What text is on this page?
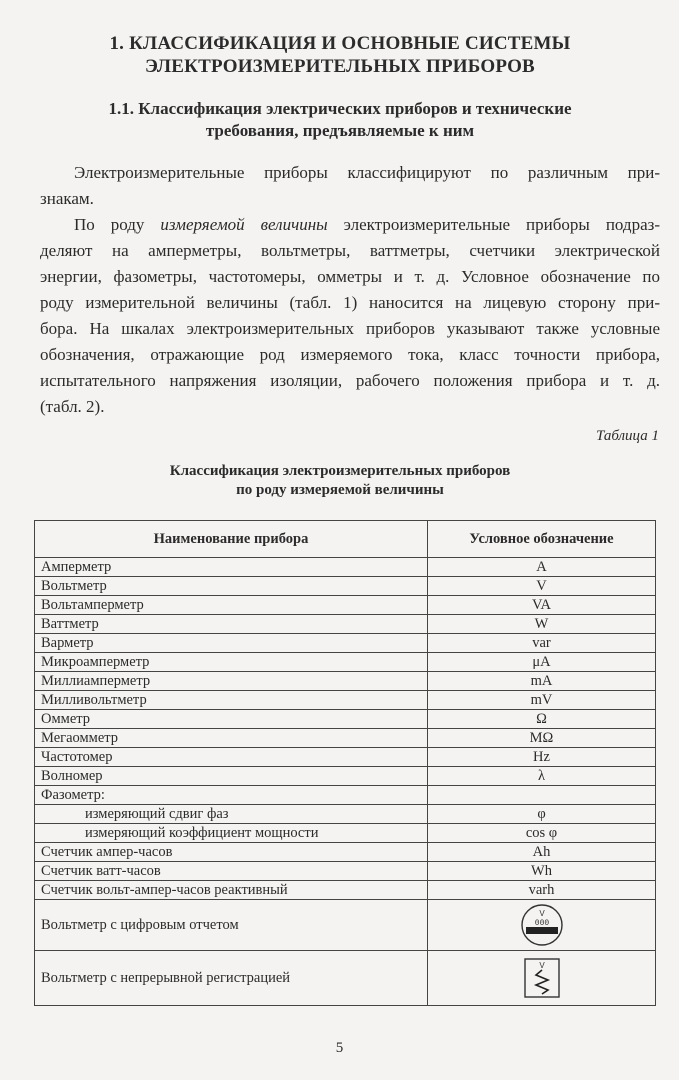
1. КЛАССИФИКАЦИЯ И ОСНОВНЫЕ СИСТЕМЫ
ЭЛЕКТРОИЗМЕРИТЕЛЬНЫХ ПРИБОРОВ
1.1. Классификация электрических приборов и технические
требования, предъявляемые к ним
Электроизмерительные приборы классифицируют по различным при-
знакам.
По роду измеряемой величины электроизмерительные приборы подраз-
деляют на амперметры, вольтметры, ваттметры, счетчики электрической
энергии, фазометры, частотомеры, омметры и т. д. Условное обозначение по
роду измерительной величины (табл. 1) наносится на лицевую сторону при-
бора. На шкалах электроизмерительных приборов указывают также условные
обозначения, отражающие род измеряемого тока, класс точности прибора,
испытательного напряжения изоляции, рабочего положения прибора и т. д.
(табл. 2).
Таблица 1
Классификация электроизмерительных приборов
по роду измеряемой величины
Наименование прибора	Условное обозначение
Амперметр	A
Вольтметр	V
Вольтамперметр	VA
Ваттметр	W
Варметр	var
Микроамперметр	μA
Миллиамперметр	mA
Милливольтметр	mV
Омметр	Ω
Мегаомметр	MΩ
Частотомер	Hz
Волномер	λ
Фазометр:	
измеряющий сдвиг фаз	φ
измеряющий коэффициент мощности	cos φ
Счетчик ампер-часов	Ah
Счетчик ватт-часов	Wh
Счетчик вольт-ампер-часов реактивный	varh
Вольтметр с цифровым отчетом	V
000

Вольтметр с непрерывной регистрацией	V
5
